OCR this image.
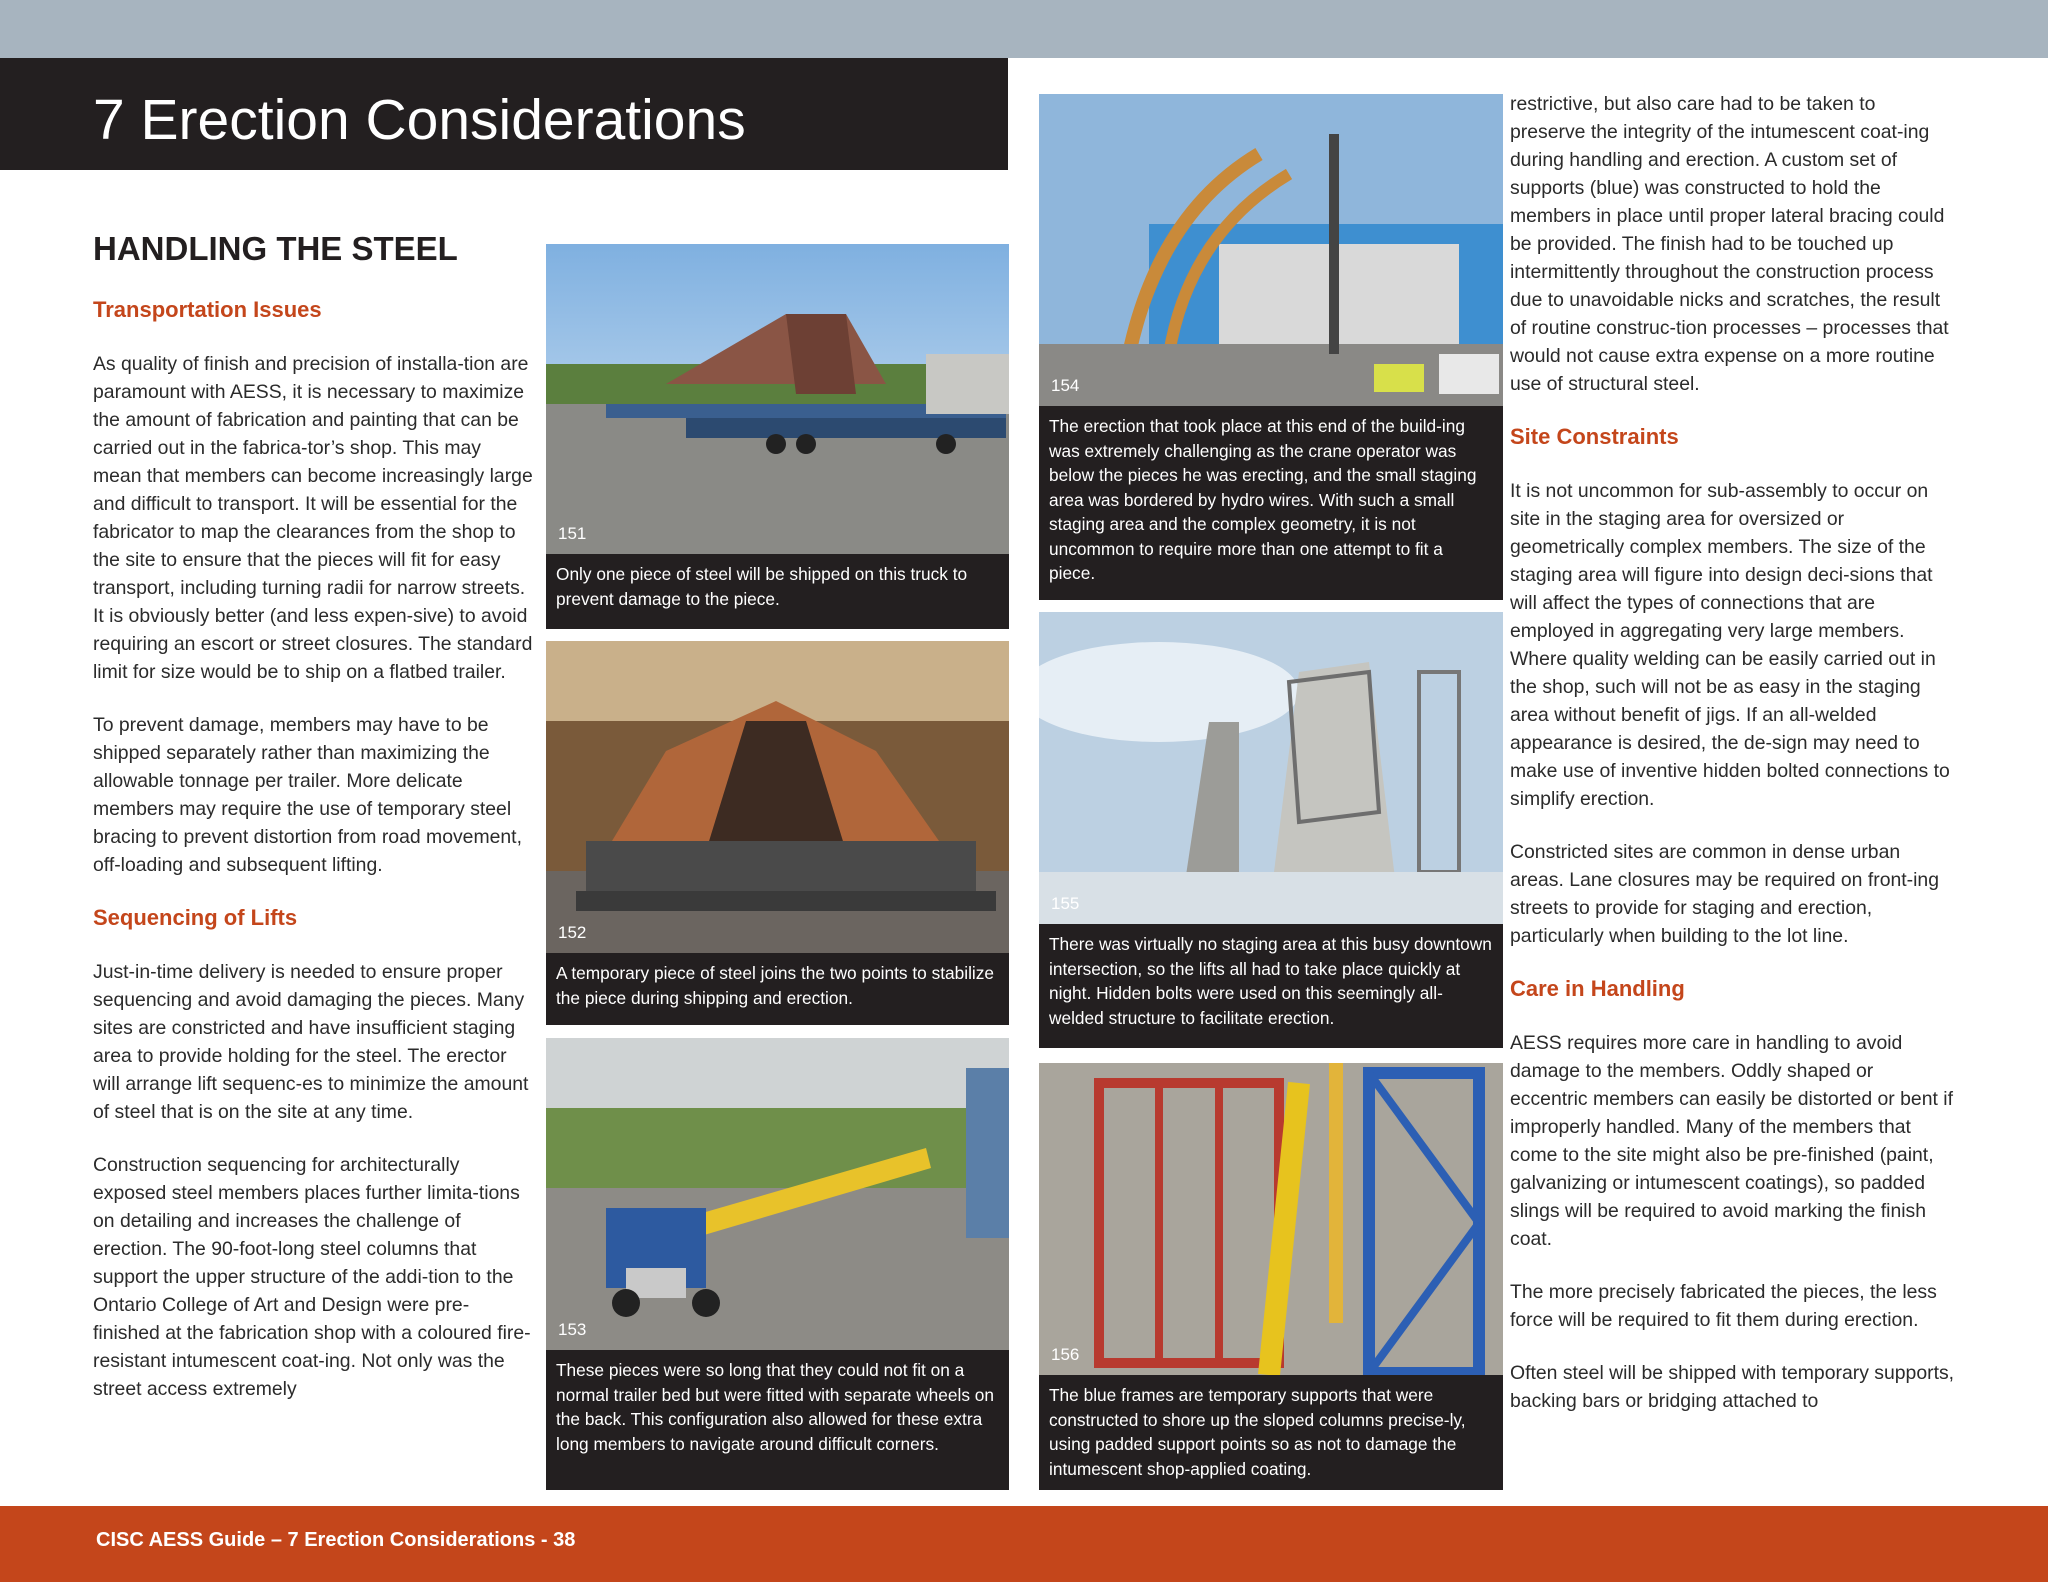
7 Erection Considerations
HANDLING THE STEEL
Transportation Issues

As quality of finish and precision of installa-tion are paramount with AESS, it is necessary to maximize the amount of fabrication and painting that can be carried out in the fabrica-tor’s shop. This may mean that members can become increasingly large and difficult to transport. It will be essential for the fabricator to map the clearances from the shop to the site to ensure that the pieces will fit for easy transport, including turning radii for narrow streets. It is obviously better (and less expen-sive) to avoid requiring an escort or street closures. The standard limit for size would be to ship on a flatbed trailer.

To prevent damage, members may have to be shipped separately rather than maximizing the allowable tonnage per trailer. More delicate members may require the use of temporary steel bracing to prevent distortion from road movement, off-loading and subsequent lifting.

Sequencing of Lifts

Just-in-time delivery is needed to ensure proper sequencing and avoid damaging the pieces. Many sites are constricted and have insufficient staging area to provide holding for the steel. The erector will arrange lift sequenc-es to minimize the amount of steel that is on the site at any time.

Construction sequencing for architecturally exposed steel members places further limita-tions on detailing and increases the challenge of erection. The 90-foot-long steel columns that support the upper structure of the addi-tion to the Ontario College of Art and Design were pre-finished at the fabrication shop with a coloured fire-resistant intumescent coat-ing. Not only was the street access extremely

151
Only one piece of steel will be shipped on this truck to prevent damage to the piece.
152
A temporary piece of steel joins the two points to stabilize the piece during shipping and erection.
153
These pieces were so long that they could not fit on a normal trailer bed but were fitted with separate wheels on the back. This configuration also allowed for these extra long members to navigate around difficult corners.
154
The erection that took place at this end of the build-ing was extremely challenging as the crane operator was below the pieces he was erecting, and the small staging area was bordered by hydro wires. With such a small staging area and the complex geometry, it is not uncommon to require more than one attempt to fit a piece.
155
There was virtually no staging area at this busy downtown intersection, so the lifts all had to take place quickly at night. Hidden bolts were used on this seemingly all-welded structure to facilitate erection.
156
The blue frames are temporary supports that were constructed to shore up the sloped columns precise-ly, using padded support points so as not to damage the intumescent shop-applied coating.

restrictive, but also care had to be taken to preserve the integrity of the intumescent coat-ing during handling and erection. A custom set of supports (blue) was constructed to hold the members in place until proper lateral bracing could be provided. The finish had to be touched up intermittently throughout the construction process due to unavoidable nicks and scratches, the result of routine construc-tion processes – processes that would not cause extra expense on a more routine use of structural steel.

Site Constraints

It is not uncommon for sub-assembly to occur on site in the staging area for oversized or geometrically complex members. The size of the staging area will figure into design deci-sions that will affect the types of connections that are employed in aggregating very large members. Where quality welding can be easily carried out in the shop, such will not be as easy in the staging area without benefit of jigs. If an all-welded appearance is desired, the de-sign may need to make use of inventive hidden bolted connections to simplify erection.

Constricted sites are common in dense urban areas. Lane closures may be required on front-ing streets to provide for staging and erection, particularly when building to the lot line.

Care in Handling

AESS requires more care in handling to avoid damage to the members. Oddly shaped or eccentric members can easily be distorted or bent if improperly handled. Many of the members that come to the site might also be pre-finished (paint, galvanizing or intumescent coatings), so padded slings will be required to avoid marking the finish coat.

The more precisely fabricated the pieces, the less force will be required to fit them during erection.

Often steel will be shipped with temporary supports, backing bars or bridging attached to

CISC AESS Guide – 7 Erection Considerations - 38
